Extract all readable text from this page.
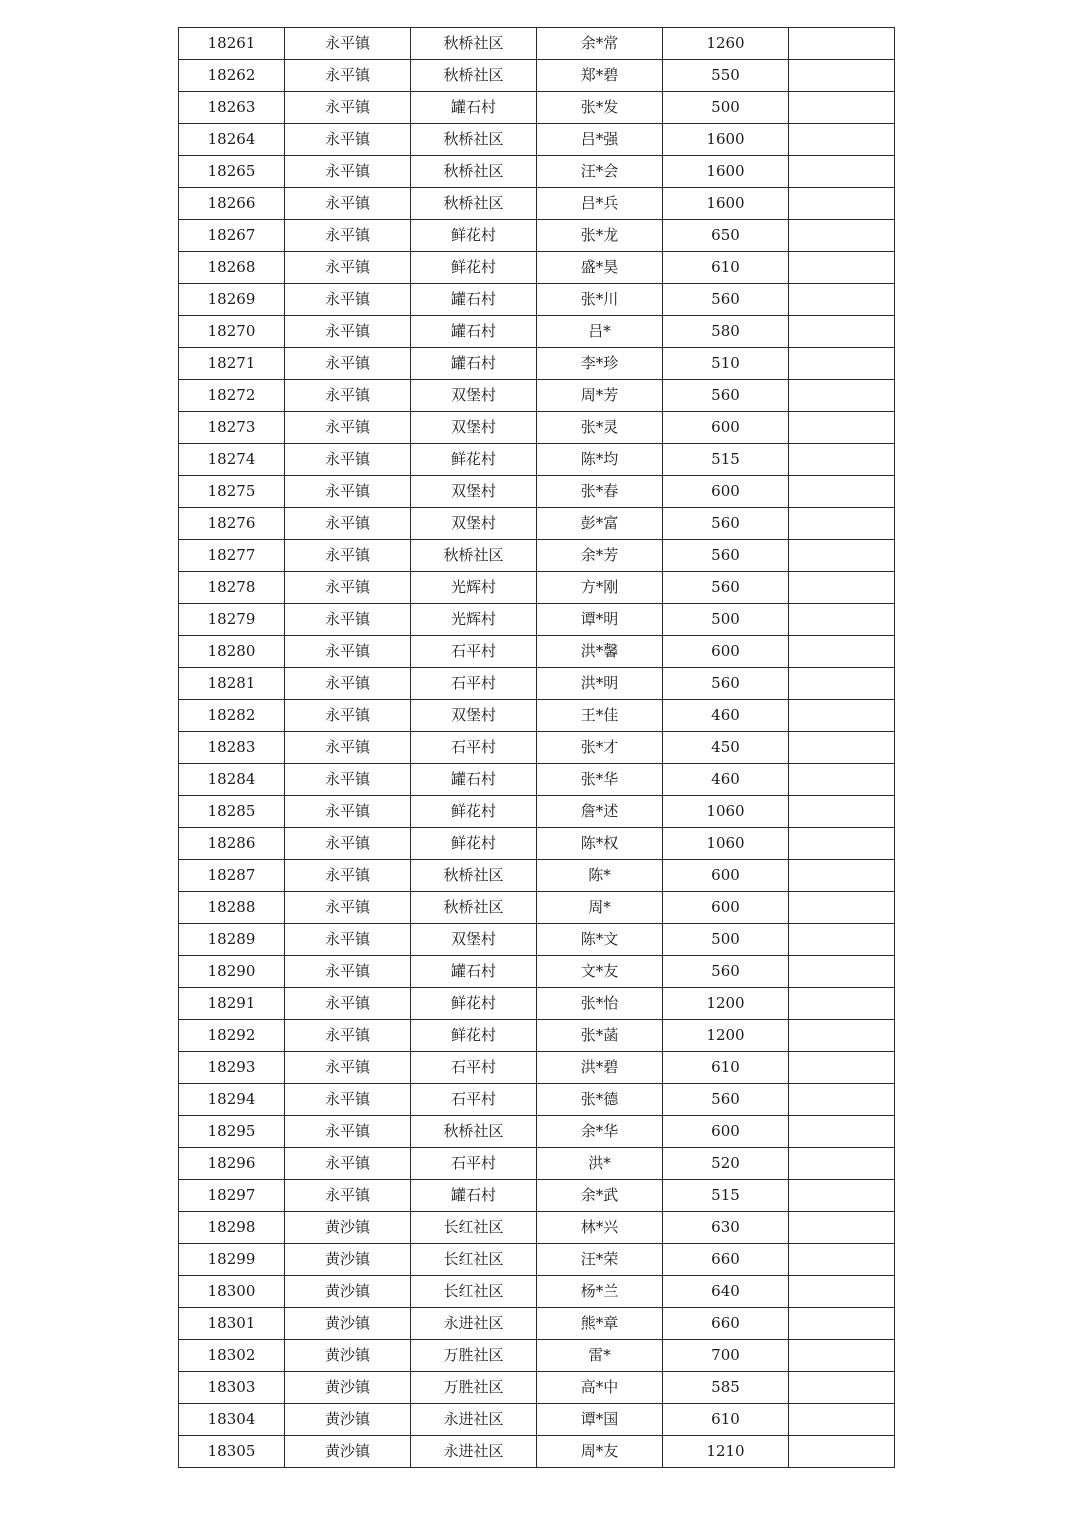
18261	永平镇	秋桥社区	余*常	1260	
18262	永平镇	秋桥社区	郑*碧	550	
18263	永平镇	罐石村	张*发	500	
18264	永平镇	秋桥社区	吕*强	1600	
18265	永平镇	秋桥社区	汪*会	1600	
18266	永平镇	秋桥社区	吕*兵	1600	
18267	永平镇	鲜花村	张*龙	650	
18268	永平镇	鲜花村	盛*昊	610	
18269	永平镇	罐石村	张*川	560	
18270	永平镇	罐石村	吕*	580	
18271	永平镇	罐石村	李*珍	510	
18272	永平镇	双堡村	周*芳	560	
18273	永平镇	双堡村	张*灵	600	
18274	永平镇	鲜花村	陈*均	515	
18275	永平镇	双堡村	张*春	600	
18276	永平镇	双堡村	彭*富	560	
18277	永平镇	秋桥社区	余*芳	560	
18278	永平镇	光辉村	方*刚	560	
18279	永平镇	光辉村	谭*明	500	
18280	永平镇	石平村	洪*馨	600	
18281	永平镇	石平村	洪*明	560	
18282	永平镇	双堡村	王*佳	460	
18283	永平镇	石平村	张*才	450	
18284	永平镇	罐石村	张*华	460	
18285	永平镇	鲜花村	詹*述	1060	
18286	永平镇	鲜花村	陈*权	1060	
18287	永平镇	秋桥社区	陈*	600	
18288	永平镇	秋桥社区	周*	600	
18289	永平镇	双堡村	陈*文	500	
18290	永平镇	罐石村	文*友	560	
18291	永平镇	鲜花村	张*怡	1200	
18292	永平镇	鲜花村	张*菡	1200	
18293	永平镇	石平村	洪*碧	610	
18294	永平镇	石平村	张*德	560	
18295	永平镇	秋桥社区	余*华	600	
18296	永平镇	石平村	洪*	520	
18297	永平镇	罐石村	余*武	515	
18298	黄沙镇	长红社区	林*兴	630	
18299	黄沙镇	长红社区	汪*荣	660	
18300	黄沙镇	长红社区	杨*兰	640	
18301	黄沙镇	永进社区	熊*章	660	
18302	黄沙镇	万胜社区	雷*	700	
18303	黄沙镇	万胜社区	高*中	585	
18304	黄沙镇	永进社区	谭*国	610	
18305	黄沙镇	永进社区	周*友	1210	
